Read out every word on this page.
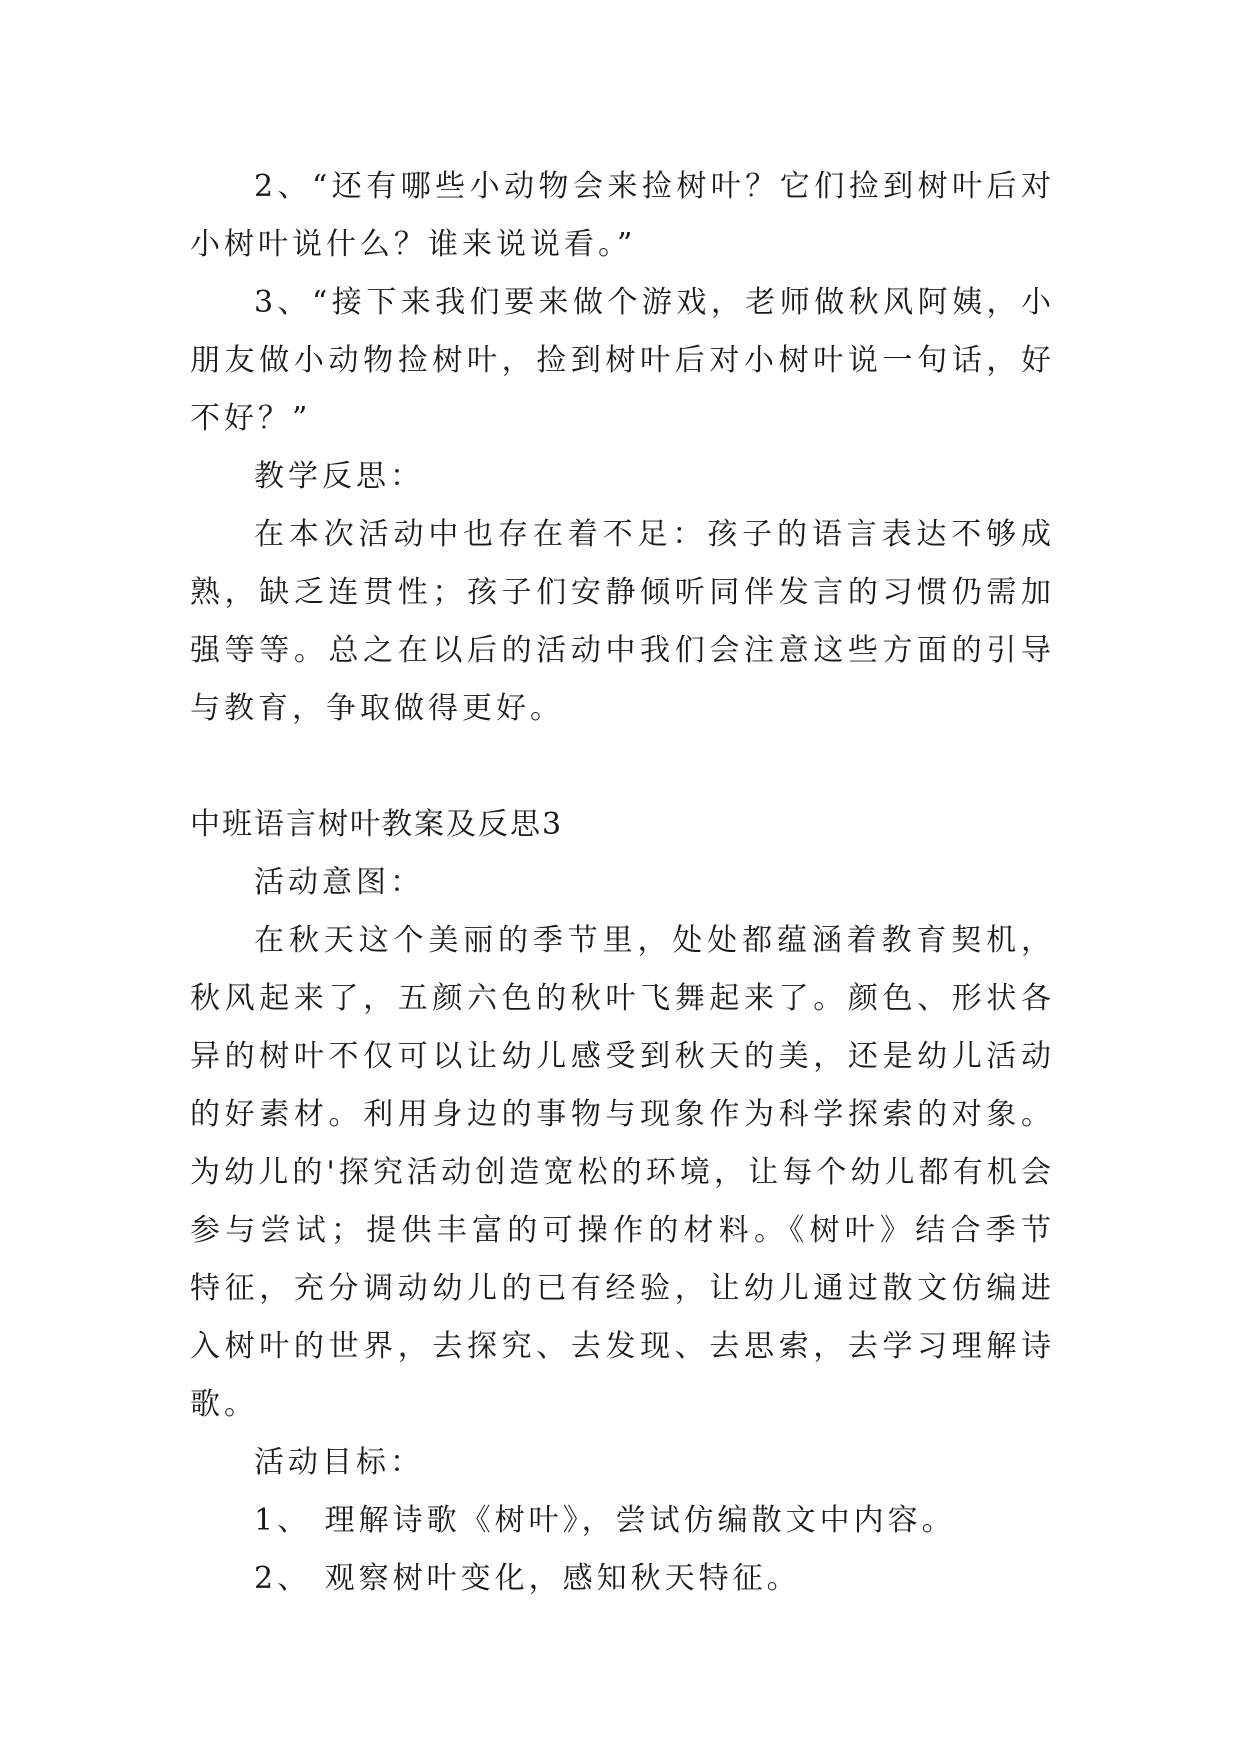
2、“还有哪些小动物会来捡树叶？它们捡到树叶后对小树叶说什么？谁来说说看。”

3、“接下来我们要来做个游戏，老师做秋风阿姨，小朋友做小动物捡树叶，捡到树叶后对小树叶说一句话，好不好？”

教学反思：

在本次活动中也存在着不足：孩子的语言表达不够成熟，缺乏连贯性；孩子们安静倾听同伴发言的习惯仍需加强等等。总之在以后的活动中我们会注意这些方面的引导与教育，争取做得更好。

中班语言树叶教案及反思3

活动意图：

在秋天这个美丽的季节里，处处都蕴涵着教育契机，秋风起来了，五颜六色的秋叶飞舞起来了。颜色、形状各异的树叶不仅可以让幼儿感受到秋天的美，还是幼儿活动的好素材。利用身边的事物与现象作为科学探索的对象。为幼儿的'探究活动创造宽松的环境，让每个幼儿都有机会参与尝试；提供丰富的可操作的材料。《树叶》结合季节特征，充分调动幼儿的已有经验，让幼儿通过散文仿编进入树叶的世界，去探究、去发现、去思索，去学习理解诗歌。

活动目标：

1、 理解诗歌《树叶》，尝试仿编散文中内容。

2、 观察树叶变化，感知秋天特征。
